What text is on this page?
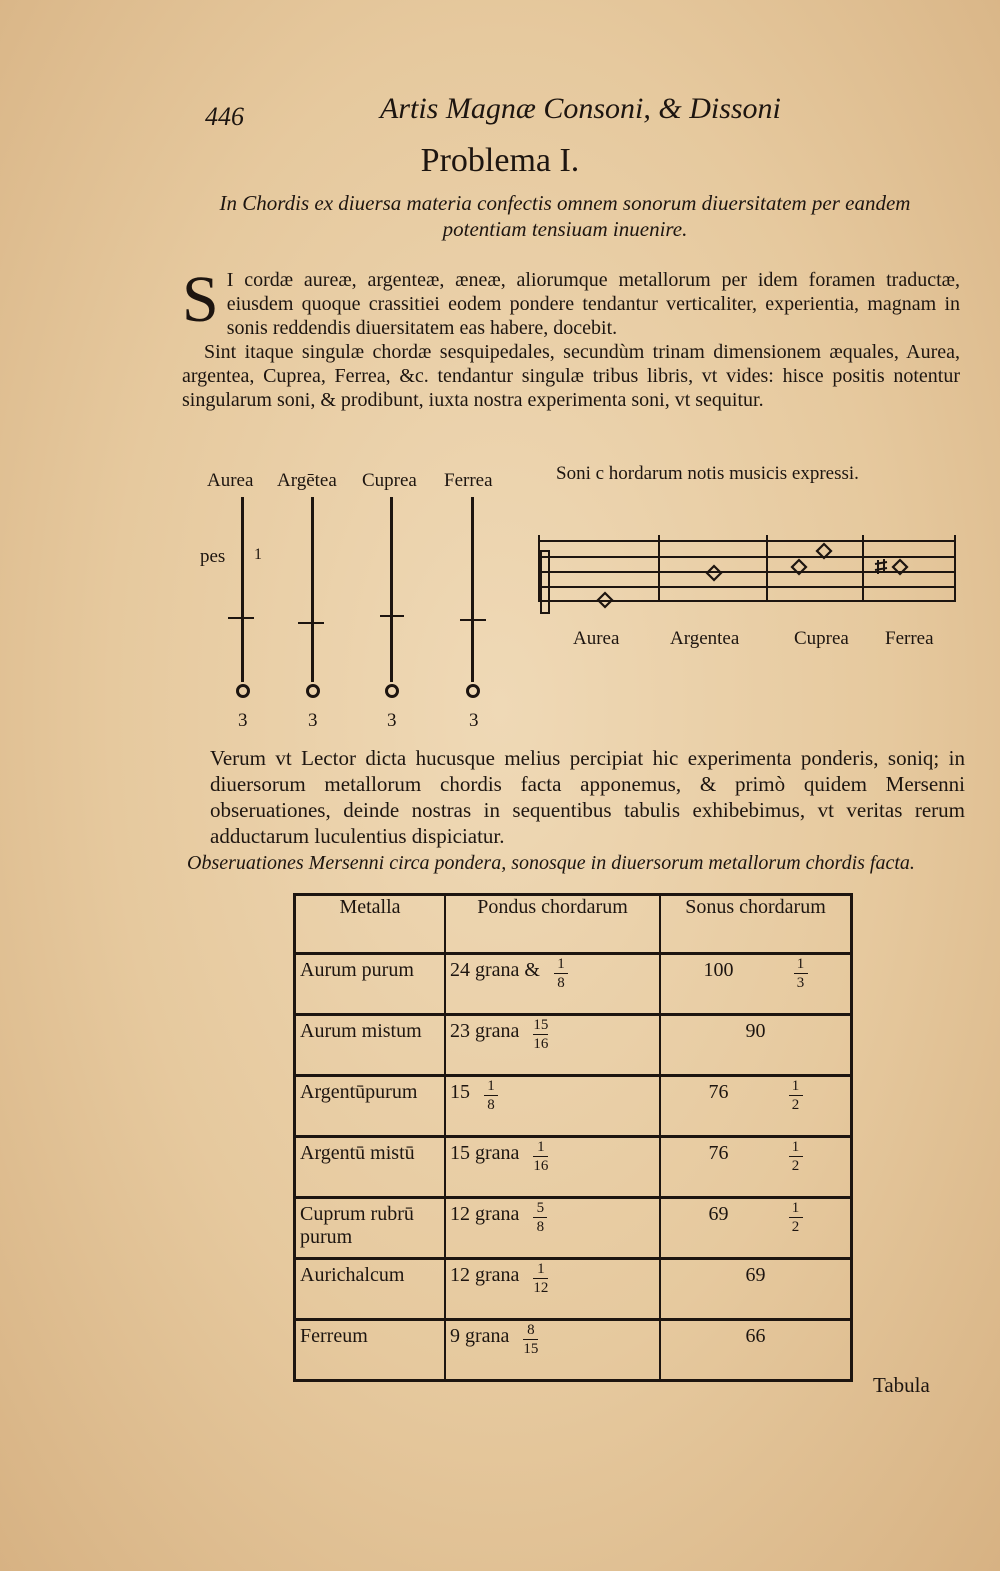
446	Artis Magnæ Consoni, & Dissoni
Problema I.
In Chordis ex diuersa materia confectis omnem sonorum diuersitatem per eandem potentiam tensiuam inuenire.
S I cordæ aureæ, argenteæ, æneæ, aliorumque metallorum per idem foramen traductæ, eiusdem quoque crassitiei eodem pondere tendantur verticaliter, experientia, magnam in sonis reddendis diuersitatem eas habere, docebit.
Sint itaque singulæ chordæ sesquipedales, secundùm trinam dimensionem æquales, Aurea, argentea, Cuprea, Ferrea, &c. tendantur singulæ tribus libris, vt vides: hisce positis notentur singularum soni, & prodibunt, iuxta nostra experimenta soni, vt sequitur.
Aurea Argētea Cuprea Ferrea
pes 1
3	3	3	3
Soni c hordarum notis musicis expressi.
Aurea	Argentea	Cuprea Ferrea
Verum vt Lector dicta hucusque melius percipiat hic experimenta ponderis, soniq; in diuersorum metallorum chordis facta apponemus, & primò quidem Mersenni obseruationes, deinde nostras in sequentibus tabulis exhibebimus, vt veritas rerum adductarum luculentius dispiciatur.
Obseruationes Mersenni circa pondera, sonosque in diuersorum metallorum chordis facta.
Metalla	Pondus chordarum	Sonus chordarum
Aurum purum	24 grana & $\frac{1}{8}$	$100 \frac{1}{3}$

Aurum mistum	23 grana $\frac{15}{16}$	90
Argentūpurum	$15 \frac{1}{8}$	$76 \frac{1}{2}$

Argentū mistū	15 grana $\frac{1}{16}$	$76 \frac{1}{2}$

Cuprum rubrū purum	12 grana $\frac{5}{8}$	$69 \frac{1}{2}$

Aurichalcum	12 grana $\frac{1}{12}$	69
Ferreum	9 grana $\frac{8}{15}$	66
Tabula
